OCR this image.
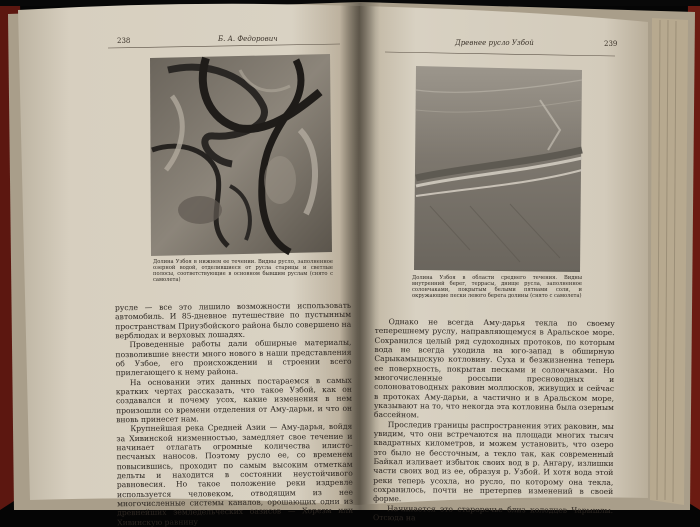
238	Б. А. Федорович
Долина Узбоя в нижнем ее течении. Видны русло, заполненное озерной водой, отделившиеся от русла старицы и светлые полосы, соответствующие в основном бывшим руслам (снято с самолета)

русле — все это лишило возможности использовать автомобиль. И 85-дневное путешествие по пустынным пространствам Приузбойского района было совершено на верблюдах и верховых лошадях.

Проведенные работы дали обширные материалы, позволившие внести много нового в наши представления об Узбое, его происхождении и строении всего прилегающего к нему района.

На основании этих данных постараемся в самых кратких чертах рассказать, что такое Узбой, как он создавался и почему усох, какие изменения в нем произошли со времени отделения от Аму-дарьи, и что он вновь принесет нам.

Крупнейшая река Средней Азии — Аму-дарья, войдя за Хивинской низменностью, замедляет свое течение и начинает отлагать огромные количества илисто-песчаных наносов. Поэтому русло ее, со временем повысившись, проходит по самым высоким отметкам дельты и находится в состоянии неустойчивого равновесия. Но такое положение реки издревле используется человеком, отводящим из нее многочисленные системы каналов, орошающих одни из древнейших земледельческих оазисов — Хорезм или Хивинскую равнину

Древнее русло Узбой	239
Долина Узбоя в области среднего течения. Видны внутренний берег, террасы, днище русла, заполненное солончаками, покрытым белыми пятнами соли, и окружающие пески левого берега долины (снято с самолета)

Однако не всегда Аму-дарья текла по своему теперешнему руслу, направляющемуся в Аральское море. Сохранился целый ряд судоходных протоков, по которым вода не всегда уходила на юго-запад в обширную Сарыкамышскую котловину. Суха и безжизненна теперь ее поверхность, покрытая песками и солончаками. Но многочисленные россыпи пресноводных и солоноватоводных раковин моллюсков, живущих и сейчас в протоках Аму-дарьи, а частично и в Аральском море, указывают на то, что некогда эта котловина была озерным бассейном.

Проследив границы распространения этих раковин, мы увидим, что они встречаются на площади многих тысяч квадратных километров, и можем установить, что озеро это было не бессточным, а текло так, как современный Байкал изливает избыток своих вод в р. Ангару, излишки части своих вод из ее, образуя р. Узбой. И хотя вода этой реки теперь усохла, но русло, по которому она текла, сохранилось, почти не претерпев изменений в своей форме.

Начинается это староречье близ колодцев Чарышлы. Отсюда на
